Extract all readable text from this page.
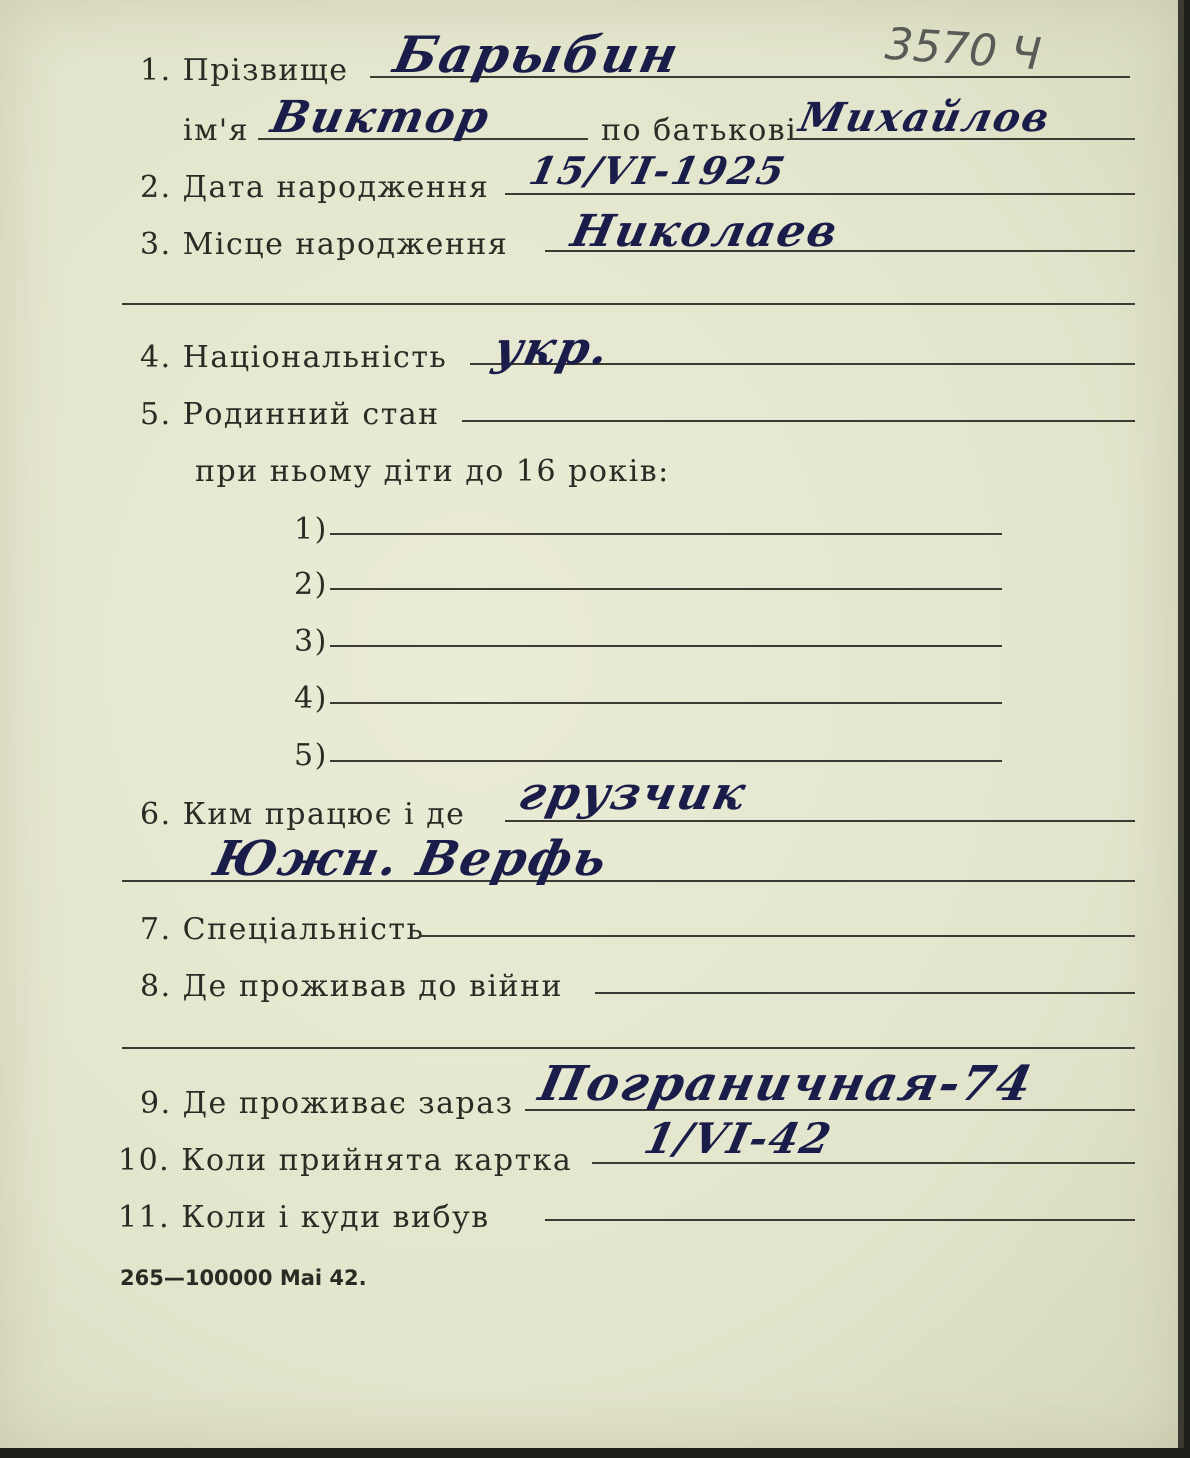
3570 Ч
1. Прізвище Барыбин
ім'я Виктор	по батькові
Михайлов
2. Дата народження 15/VI-1925
3. Місце народження Николаев
4. Національність укр.
5. Родинний стан
при ньому діти до 16 років:
1)
2)
3)
4)
5)
6. Ким працює і де грузчик
Южн. Верфь
7. Спеціальність
8. Де проживав до війни
9. Де проживає зараз Пограничная-74
10. Коли прийнята картка 1/VI-42
11. Коли і куди вибув
265—100000 Mai 42.
